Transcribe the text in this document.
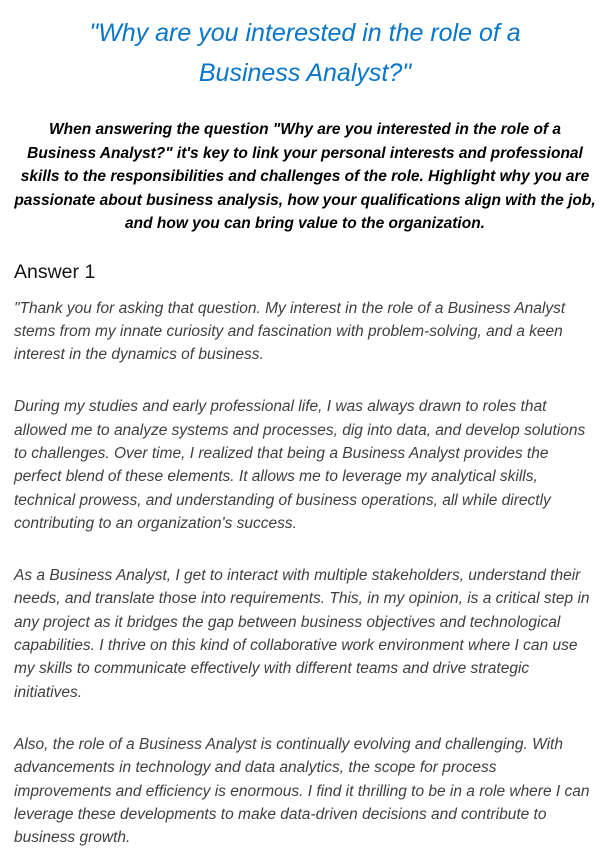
"Why are you interested in the role of a Business Analyst?"

When answering the question "Why are you interested in the role of a Business Analyst?" it's key to link your personal interests and professional skills to the responsibilities and challenges of the role. Highlight why you are passionate about business analysis, how your qualifications align with the job, and how you can bring value to the organization.

Answer 1

"Thank you for asking that question. My interest in the role of a Business Analyst stems from my innate curiosity and fascination with problem-solving, and a keen interest in the dynamics of business.

During my studies and early professional life, I was always drawn to roles that allowed me to analyze systems and processes, dig into data, and develop solutions to challenges. Over time, I realized that being a Business Analyst provides the perfect blend of these elements. It allows me to leverage my analytical skills, technical prowess, and understanding of business operations, all while directly contributing to an organization's success.

As a Business Analyst, I get to interact with multiple stakeholders, understand their needs, and translate those into requirements. This, in my opinion, is a critical step in any project as it bridges the gap between business objectives and technological capabilities. I thrive on this kind of collaborative work environment where I can use my skills to communicate effectively with different teams and drive strategic initiatives.

Also, the role of a Business Analyst is continually evolving and challenging. With advancements in technology and data analytics, the scope for process improvements and efficiency is enormous. I find it thrilling to be in a role where I can leverage these developments to make data-driven decisions and contribute to business growth.
